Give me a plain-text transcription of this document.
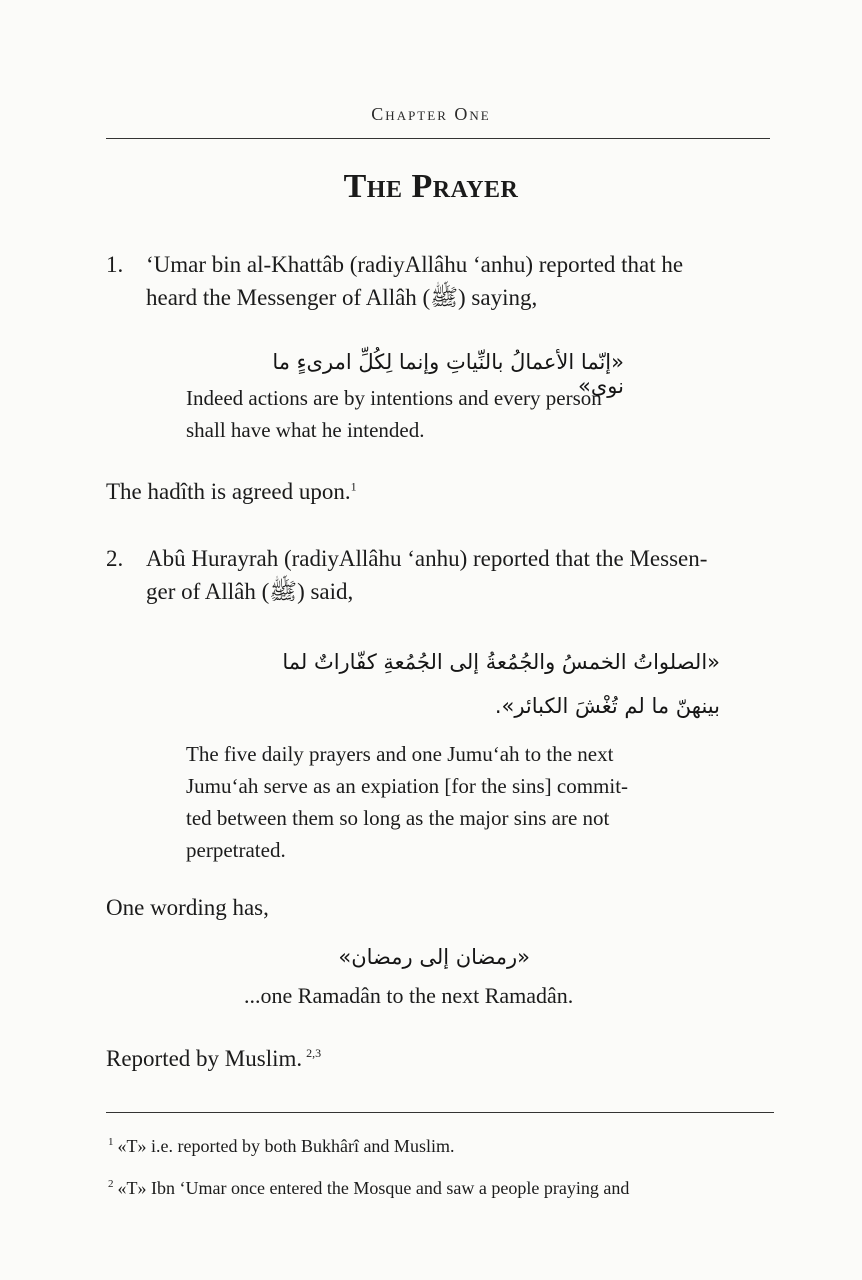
Chapter One
The Prayer
1. ‘Umar bin al-Khattâb (radiyAllâhu ‘anhu) reported that he
heard the Messenger of Allâh (ﷺ) saying,
«إنّما الأعمالُ بالنِّياتِ وإنما لِكُلِّ امرىءٍ ما نوى»
Indeed actions are by intentions and every person
shall have what he intended.
The hadîth is agreed upon.$^1$
2. Abû Hurayrah (radiyAllâhu ‘anhu) reported that the Messen-
ger of Allâh (ﷺ) said,
«الصلواتُ الخمسُ والجُمُعةُ إلى الجُمُعةِ كفّاراتٌ لما
بينهنّ ما لم تُغْشَ الكبائر».
The five daily prayers and one Jumu‘ah to the next
Jumu‘ah serve as an expiation [for the sins] commit-
ted between them so long as the major sins are not
perpetrated.
One wording has,
«رمضان إلى رمضان»
...one Ramadân to the next Ramadân.
Reported by Muslim. $^{2,3}$
$^1$ «T» i.e. reported by both Bukhârî and Muslim.
$^2$ «T» Ibn ‘Umar once entered the Mosque and saw a people praying and
